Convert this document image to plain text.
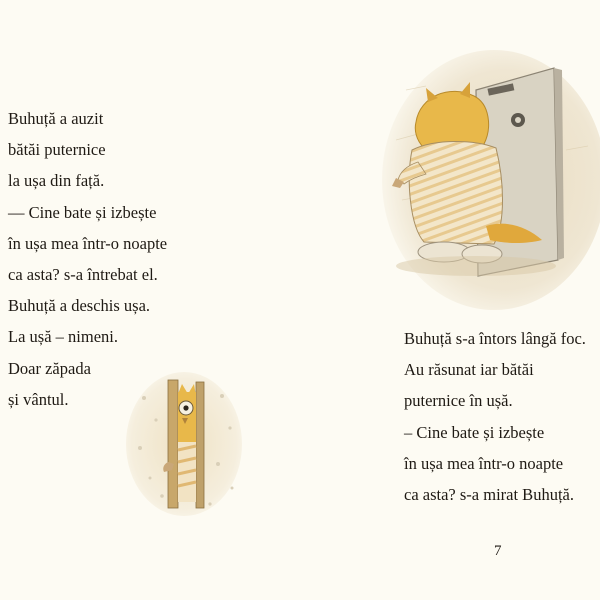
Buhuță a auzit
bătăi puternice
la ușa din față.
— Cine bate și izbește
în ușa mea într-o noapte
ca asta? s-a întrebat el.
Buhuță a deschis ușa.
La ușă – nimeni.
Doar zăpada
și vântul.
Buhuță s-a întors lângă foc.
Au răsunat iar bătăi
puternice în ușă.
– Cine bate și izbește
în ușa mea într-o noapte
ca asta? s-a mirat Buhuță.
7
